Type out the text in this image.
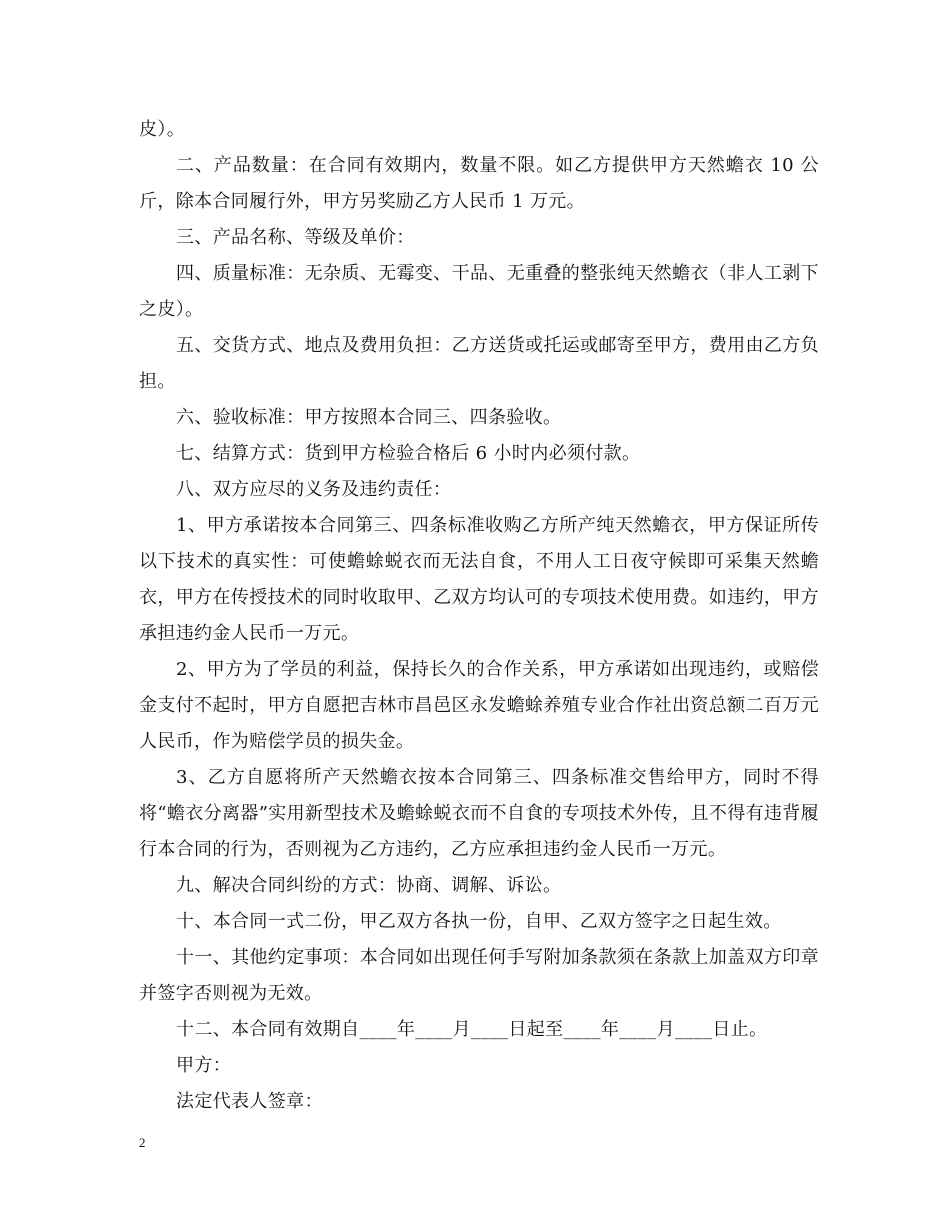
皮）。

二、产品数量：在合同有效期内，数量不限。如乙方提供甲方天然蟾衣 10 公斤，除本合同履行外，甲方另奖励乙方人民币 1 万元。

三、产品名称、等级及单价：

四、质量标准：无杂质、无霉变、干品、无重叠的整张纯天然蟾衣（非人工剥下之皮）。

五、交货方式、地点及费用负担：乙方送货或托运或邮寄至甲方，费用由乙方负担。

六、验收标准：甲方按照本合同三、四条验收。

七、结算方式：货到甲方检验合格后 6 小时内必须付款。

八、双方应尽的义务及违约责任：

1、甲方承诺按本合同第三、四条标准收购乙方所产纯天然蟾衣，甲方保证所传以下技术的真实性：可使蟾蜍蜕衣而无法自食，不用人工日夜守候即可采集天然蟾衣，甲方在传授技术的同时收取甲、乙双方均认可的专项技术使用费。如违约，甲方承担违约金人民币一万元。

2、甲方为了学员的利益，保持长久的合作关系，甲方承诺如出现违约，或赔偿金支付不起时，甲方自愿把吉林市昌邑区永发蟾蜍养殖专业合作社出资总额二百万元人民币，作为赔偿学员的损失金。

3、乙方自愿将所产天然蟾衣按本合同第三、四条标准交售给甲方，同时不得将“蟾衣分离器”实用新型技术及蟾蜍蜕衣而不自食的专项技术外传，且不得有违背履行本合同的行为，否则视为乙方违约，乙方应承担违约金人民币一万元。

九、解决合同纠纷的方式：协商、调解、诉讼。

十、本合同一式二份，甲乙双方各执一份，自甲、乙双方签字之日起生效。

十一、其他约定事项：本合同如出现任何手写附加条款须在条款上加盖双方印章并签字否则视为无效。

十二、本合同有效期自____年____月____日起至____年____月____日止。

甲方：

法定代表人签章：

2
